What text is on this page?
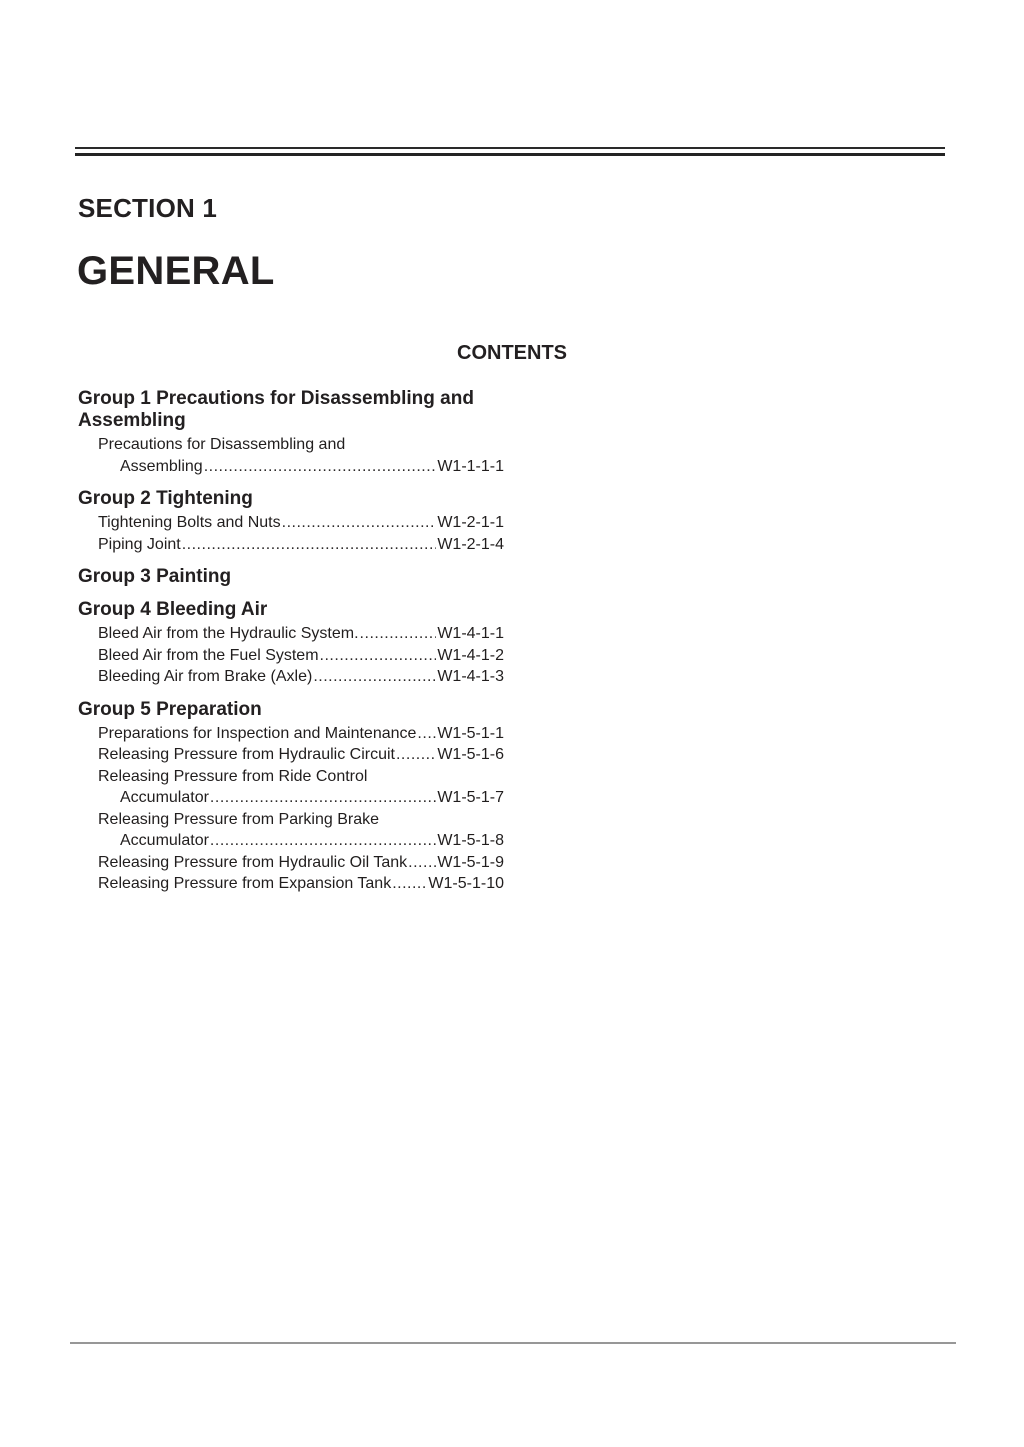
SECTION 1
GENERAL
CONTENTS
Group 1 Precautions for Disassembling and Assembling
Precautions for Disassembling and
Assembling .....	W1-1-1-1
Group 2 Tightening
Tightening Bolts and Nuts .....	W1-2-1-1
Piping Joint .....	W1-2-1-4
Group 3 Painting
Group 4 Bleeding Air
Bleed Air from the Hydraulic System. .....	W1-4-1-1
Bleed Air from the Fuel System .....	W1-4-1-2
Bleeding Air from Brake (Axle) .....	W1-4-1-3
Group 5 Preparation
Preparations for Inspection and Maintenance ..... W1-5-1-1
Releasing Pressure from Hydraulic Circuit .....	W1-5-1-6
Releasing Pressure from Ride Control
Accumulator .....	W1-5-1-7
Releasing Pressure from Parking Brake
Accumulator .....	W1-5-1-8
Releasing Pressure from Hydraulic Oil Tank ..... W1-5-1-9
Releasing Pressure from Expansion Tank ..... W1-5-1-10
